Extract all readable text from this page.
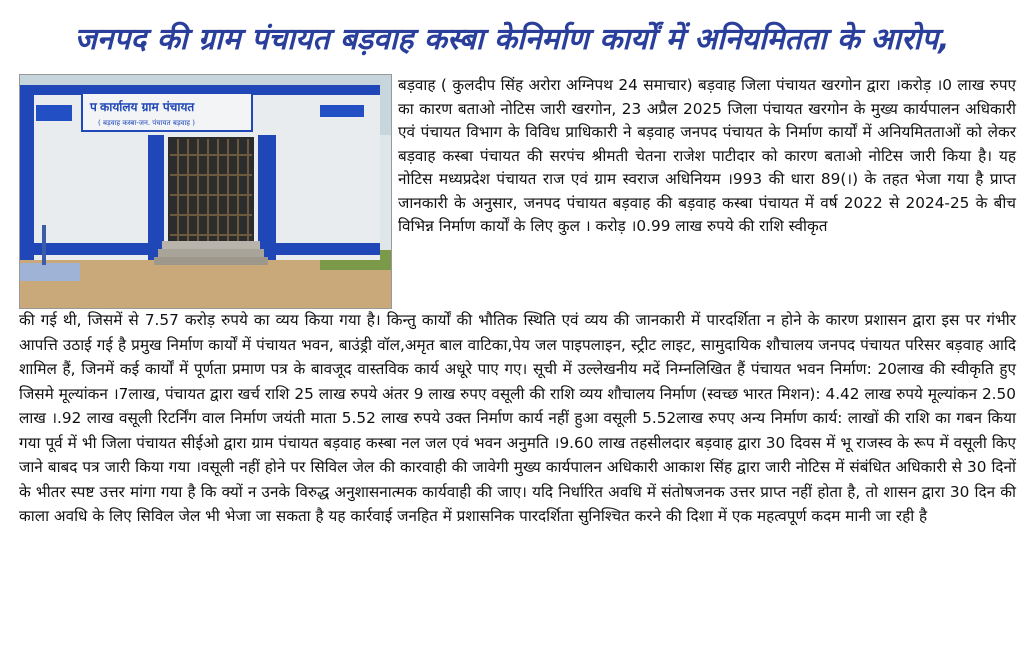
जनपद की ग्राम पंचायत बड़वाह कस्बा केनिर्माण कार्यों में अनियमितता के आरोप,
प कार्यालय ग्राम पंचायत
( बड़वाह कस्बा-जन. पंचायत बड़वाह )

बड़वाह ( कुलदीप सिंह अरोरा अग्निपथ 24 समाचार) बड़वाह जिला पंचायत खरगोन द्वारा ।करोड़ ।0 लाख रुपए का कारण बताओ नोटिस जारी खरगोन, 23 अप्रैल 2025 जिला पंचायत खरगोन के मुख्य कार्यपालन अधिकारी एवं पंचायत विभाग के विविध प्राधिकारी ने बड़वाह जनपद पंचायत के निर्माण कार्यों में अनियमितताओं को लेकर बड़वाह कस्बा पंचायत की सरपंच श्रीमती चेतना राजेश पाटीदार को कारण बताओ नोटिस जारी किया है। यह नोटिस मध्यप्रदेश पंचायत राज एवं ग्राम स्वराज अधिनियम ।993 की धारा 89(।) के तहत भेजा गया है प्राप्त जानकारी के अनुसार, जनपद पंचायत बड़वाह की बड़वाह कस्बा पंचायत में वर्ष 2022 से 2024-25 के बीच विभिन्न निर्माण कार्यों के लिए कुल । करोड़ ।0.99 लाख रुपये की राशि स्वीकृत

की गई थी, जिसमें से 7.57 करोड़ रुपये का व्यय किया गया है। किन्तु कार्यों की भौतिक स्थिति एवं व्यय की जानकारी में पारदर्शिता न होने के कारण प्रशासन द्वारा इस पर गंभीर आपत्ति उठाई गई है प्रमुख निर्माण कार्यों में पंचायत भवन, बाउंड्री वॉल,अमृत बाल वाटिका,पेय जल पाइपलाइन, स्ट्रीट लाइट, सामुदायिक शौचालय जनपद पंचायत परिसर बड़वाह आदि शामिल हैं, जिनमें कई कार्यों में पूर्णता प्रमाण पत्र के बावजूद वास्तविक कार्य अधूरे पाए गए। सूची में उल्लेखनीय मदें निम्नलिखित हैं पंचायत भवन निर्माण: 20लाख की स्वीकृति हुए जिसमे मूल्यांकन ।7लाख, पंचायत द्वारा खर्च राशि 25 लाख रुपये अंतर 9 लाख रुपए वसूली की राशि व्यय शौचालय निर्माण (स्वच्छ भारत मिशन): 4.42 लाख रुपये मूल्यांकन 2.50 लाख ।.92 लाख वसूली रिटर्निंग वाल निर्माण जयंती माता 5.52 लाख रुपये उक्त निर्माण कार्य नहीं हुआ वसूली 5.52लाख रुपए अन्य निर्माण कार्य: लाखों की राशि का गबन किया गया पूर्व में भी जिला पंचायत सीईओ द्वारा ग्राम पंचायत बड़वाह कस्बा नल जल एवं भवन अनुमति ।9.60 लाख तहसीलदार बड़वाह द्वारा 30 दिवस में भू राजस्व के रूप में वसूली किए जाने बाबद पत्र जारी किया गया ।वसूली नहीं होने पर सिविल जेल की कारवाही की जावेगी मुख्य कार्यपालन अधिकारी आकाश सिंह द्वारा जारी नोटिस में संबंधित अधिकारी से 30 दिनों के भीतर स्पष्ट उत्तर मांगा गया है कि क्यों न उनके विरुद्ध अनुशासनात्मक कार्यवाही की जाए। यदि निर्धारित अवधि में संतोषजनक उत्तर प्राप्त नहीं होता है, तो शासन द्वारा 30 दिन की काला अवधि के लिए सिविल जेल भी भेजा जा सकता है यह कार्रवाई जनहित में प्रशासनिक पारदर्शिता सुनिश्चित करने की दिशा में एक महत्वपूर्ण कदम मानी जा रही है
